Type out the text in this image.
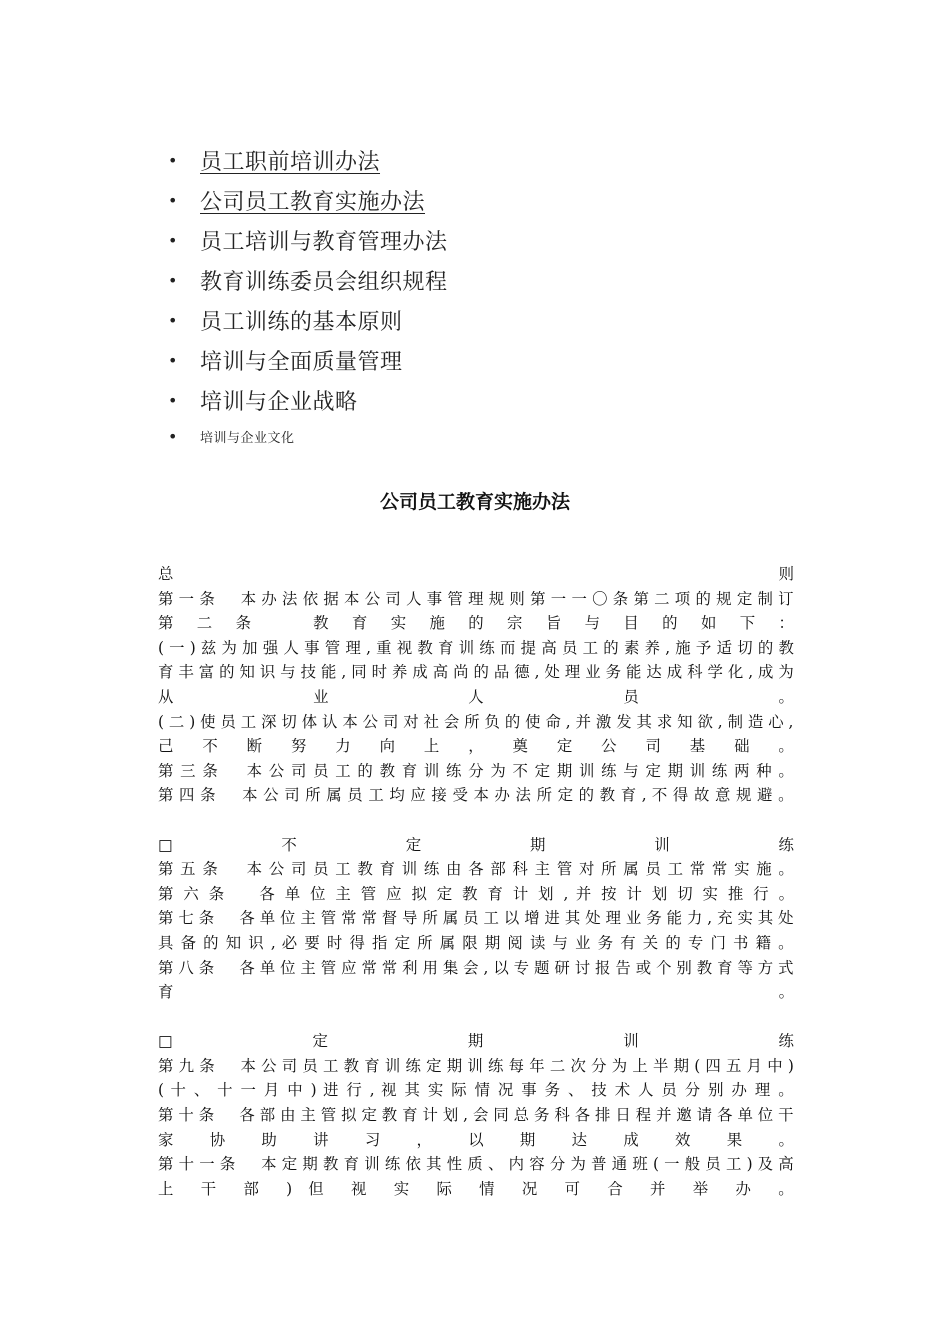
•	员工职前培训办法
•	公司员工教育实施办法
•	员工培训与教育管理办法
•	教育训练委员会组织规程
•	员工训练的基本原则
•	培训与全面质量管理
•	培训与企业战略
•	培训与企业文化
公司员工教育实施办法
总	则
第 一 条 　 本 办 法 依 据 本 公 司 人 事 管 理 规 则 第 一 一 〇 条 第 二 项 的 规 定 制 订
第 二 条 　	教 育 实 施 的 宗 旨 与 目 的 如 下 ：
( 一 ) 兹 为 加 强 人 事 管 理 , 重 视 教 育 训 练 而 提 高 员 工 的 素 养 , 施 予 适 切 的 教
育 丰 富 的 知 识 与 技 能 , 同 时 养 成 高 尚 的 品 德 , 处 理 业 务 能 达 成 科 学 化 , 成 为
从	业	人	员	。
( 二 ) 使 员 工 深 切 体 认 本 公 司 对 社 会 所 负 的 使 命 , 并 激 发 其 求 知 欲 , 制 造 心 ,
己 不 断 努 力 向 上 ， 奠 定 公 司 基 础 。
第 三 条 　 本 公 司 员 工 的 教 育 训 练 分 为 不 定 期 训 练 与 定 期 训 练 两 种 。
第 四 条 　 本 公 司 所 属 员 工 均 应 接 受 本 办 法 所 定 的 教 育 , 不 得 故 意 规 避 。
□	不	定	期	训	练
第 五 条 　 本 公 司 员 工 教 育 训 练 由 各 部 科 主 管 对 所 属 员 工 常 常 实 施 。
第 六 条 　 各 单 位 主 管 应 拟 定 教 育 计 划 , 并 按 计 划 切 实 推 行 。
第 七 条 　 各 单 位 主 管 常 常 督 导 所 属 员 工 以 增 进 其 处 理 业 务 能 力 , 充 实 其 处
具 备 的 知 识 , 必 要 时 得 指 定 所 属 限 期 阅 读 与 业 务 有 关 的 专 门 书 籍 。
第 八 条 　 各 单 位 主 管 应 常 常 利 用 集 会 , 以 专 题 研 讨 报 告 或 个 别 教 育 等 方 式
育	。
□	定	期	训	练
第 九 条 　 本 公 司 员 工 教 育 训 练 定 期 训 练 每 年 二 次 分 为 上 半 期 ( 四 五 月 中 )
( 十 、 十 一 月 中 ) 进 行 , 视 其 实 际 情 况 事 务 、 技 术 人 员 分 别 办 理 。
第 十 条 　 各 部 由 主 管 拟 定 教 育 计 划 , 会 同 总 务 科 各 排 日 程 并 邀 请 各 单 位 干
家 协 助 讲 习 ， 以 期 达 成 效 果 。
第 十 一 条 　 本 定 期 教 育 训 练 依 其 性 质 、 内 容 分 为 普 通 班 ( 一 般 员 工 ) 及 高
上 干 部 ) 但 视 实 际 情 况 可 合 并 举 办 。
